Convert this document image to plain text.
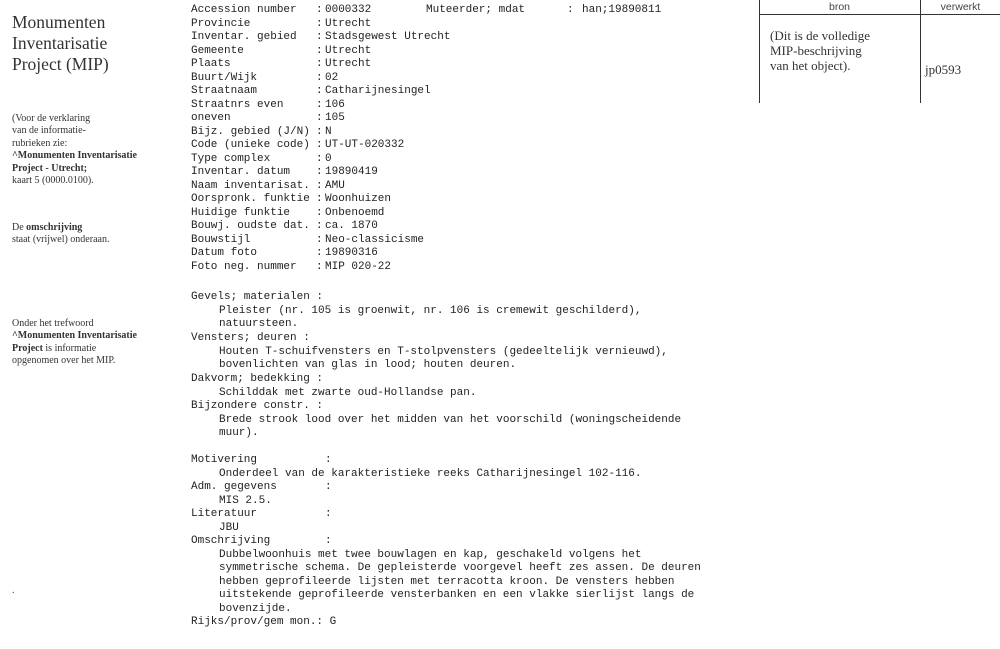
Monumenten
Inventarisatie
Project (MIP)
(Voor de verklaring
van de informatie-
rubrieken zie:
^Monumenten Inventarisatie
Project - Utrecht;
kaart 5 (0000.0100).
De omschrijving
staat (vrijwel) onderaan.
Onder het trefwoord
^Monumenten Inventarisatie
Project is informatie
opgenomen over het MIP.
.
bron	verwerkt
(Dit is de volledige
MIP-beschrijving
van het object).	jp0593
Accession number : 0000332	Muteerder; mdat	: han;19890811
Provincie	: Utrecht
Inventar. gebied : Stadsgewest Utrecht
Gemeente	: Utrecht
Plaats	: Utrecht
Buurt/Wijk	: 02
Straatnaam	: Catharijnesingel
Straatnrs even	: 106
oneven	: 105
Bijz. gebied (J/N) : N
Code (unieke code) : UT-UT-020332
Type complex	: 0
Inventar. datum : 19890419
Naam inventarisat. : AMU
Oorspronk. funktie : Woonhuizen
Huidige funktie : Onbenoemd
Bouwj. oudste dat. : ca. 1870
Bouwstijl	: Neo-classicisme
Datum foto	: 19890316
Foto neg. nummer : MIP 020-22
Gevels; materialen :
Pleister (nr. 105 is groenwit, nr. 106 is cremewit geschilderd),
natuursteen.
Vensters; deuren :
Houten T-schuifvensters en T-stolpvensters (gedeeltelijk vernieuwd),
bovenlichten van glas in lood; houten deuren.
Dakvorm; bedekking :
Schilddak met zwarte oud-Hollandse pan.
Bijzondere constr. :
Brede strook lood over het midden van het voorschild (woningscheidende
muur).
Motivering	:
Onderdeel van de karakteristieke reeks Catharijnesingel 102-116.
Adm. gegevens	:
MIS 2.5.
Literatuur	:
JBU
Omschrijving	:
Dubbelwoonhuis met twee bouwlagen en kap, geschakeld volgens het
symmetrische schema. De gepleisterde voorgevel heeft zes assen. De deuren
hebben geprofileerde lijsten met terracotta kroon. De vensters hebben
uitstekende geprofileerde vensterbanken en een vlakke sierlijst langs de
bovenzijde.
Rijks/prov/gem mon.: G
